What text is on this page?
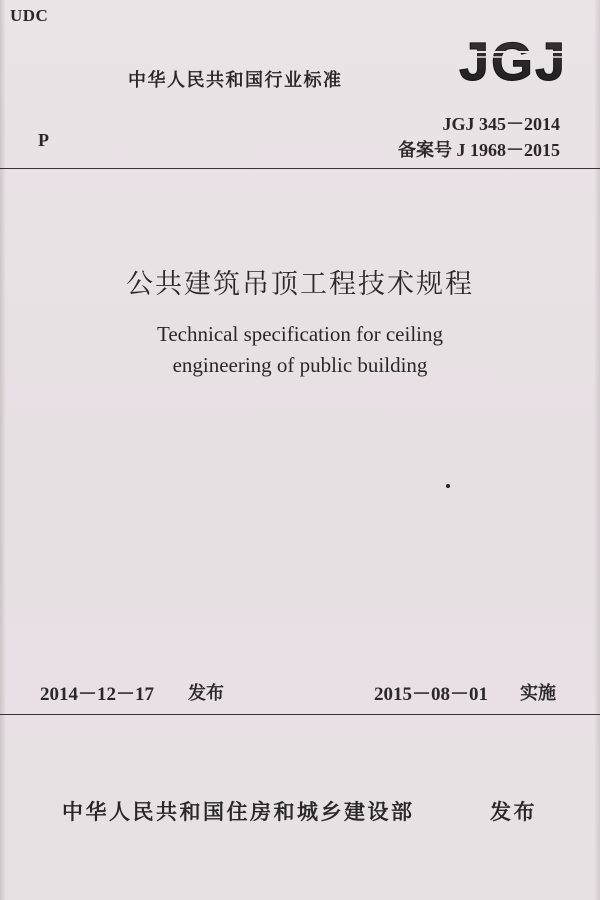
UDC
中华人民共和国行业标准 JGJ
P
JGJ 345－2014
备案号 J 1968－2015
公共建筑吊顶工程技术规程
Technical specification for ceiling
engineering of public building
2014－12－17 发布	2015－08－01 实施
中华人民共和国住房和城乡建设部	发布
